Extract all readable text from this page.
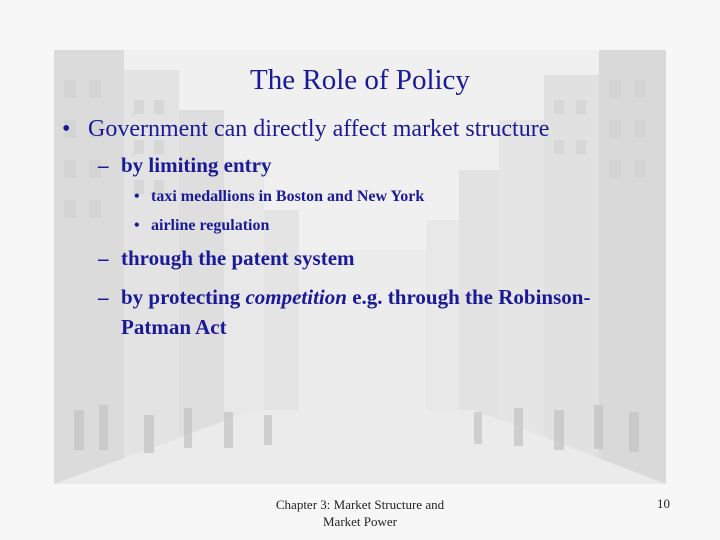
The Role of Policy
• Government can directly affect market structure
– by limiting entry
• taxi medallions in Boston and New York
• airline regulation
– through the patent system
– by protecting competition e.g. through the Robinson-
Patman Act
Chapter 3: Market Structure and
Market Power
10
